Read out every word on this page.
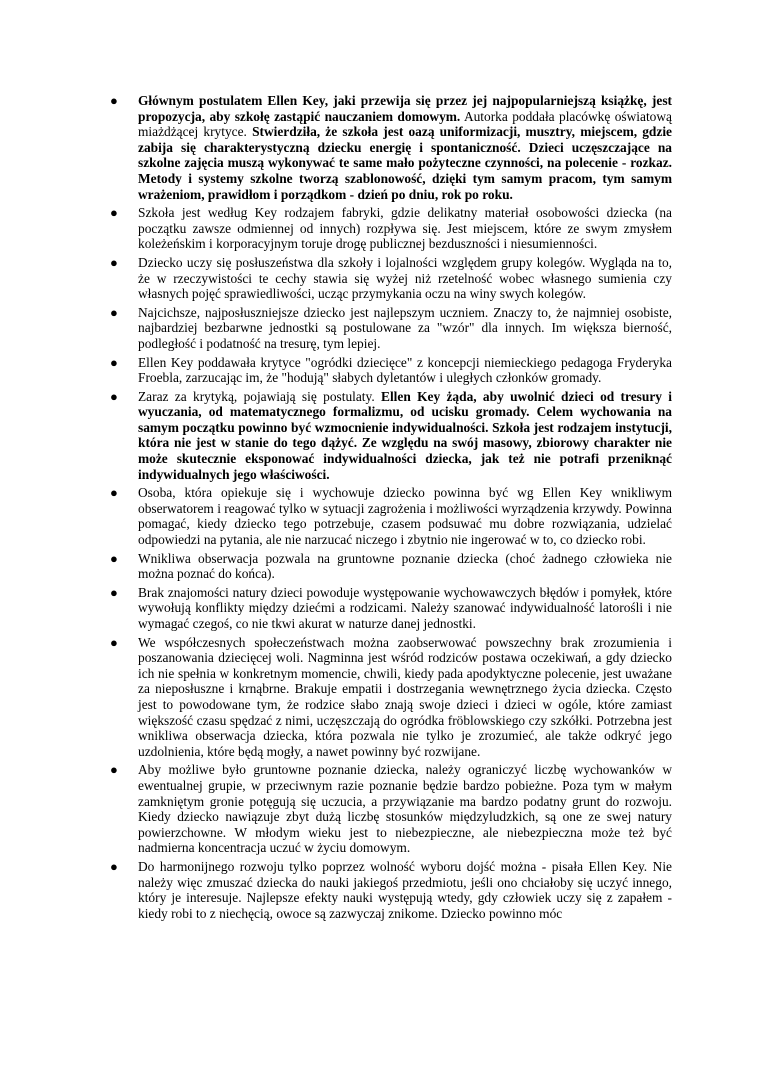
● Głównym postulatem Ellen Key, jaki przewija się przez jej najpopularniejszą książkę, jest propozycja, aby szkołę zastąpić nauczaniem domowym. Autorka poddała placówkę oświatową miażdżącej krytyce. Stwierdziła, że szkoła jest oazą uniformizacji, musztry, miejscem, gdzie zabija się charakterystyczną dziecku energię i spontaniczność. Dzieci uczęszczające na szkolne zajęcia muszą wykonywać te same mało pożyteczne czynności, na polecenie - rozkaz. Metody i systemy szkolne tworzą szablonowość, dzięki tym samym pracom, tym samym wrażeniom, prawidłom i porządkom - dzień po dniu, rok po roku.
● Szkoła jest według Key rodzajem fabryki, gdzie delikatny materiał osobowości dziecka (na początku zawsze odmiennej od innych) rozpływa się. Jest miejscem, które ze swym zmysłem koleżeńskim i korporacyjnym toruje drogę publicznej bezduszności i niesumienności.
● Dziecko uczy się posłuszeństwa dla szkoły i lojalności względem grupy kolegów. Wygląda na to, że w rzeczywistości te cechy stawia się wyżej niż rzetelność wobec własnego sumienia czy własnych pojęć sprawiedliwości, ucząc przymykania oczu na winy swych kolegów.
● Najcichsze, najposłuszniejsze dziecko jest najlepszym uczniem. Znaczy to, że najmniej osobiste, najbardziej bezbarwne jednostki są postulowane za "wzór" dla innych. Im większa bierność, podległość i podatność na tresurę, tym lepiej.
● Ellen Key poddawała krytyce "ogródki dziecięce" z koncepcji niemieckiego pedagoga Fryderyka Froebla, zarzucając im, że "hodują" słabych dyletantów i uległych członków gromady.
● Zaraz za krytyką, pojawiają się postulaty. Ellen Key żąda, aby uwolnić dzieci od tresury i wyuczania, od matematycznego formalizmu, od ucisku gromady. Celem wychowania na samym początku powinno być wzmocnienie indywidualności. Szkoła jest rodzajem instytucji, która nie jest w stanie do tego dążyć. Ze względu na swój masowy, zbiorowy charakter nie może skutecznie eksponować indywidualności dziecka, jak też nie potrafi przeniknąć indywidualnych jego właściwości.
● Osoba, która opiekuje się i wychowuje dziecko powinna być wg Ellen Key wnikliwym obserwatorem i reagować tylko w sytuacji zagrożenia i możliwości wyrządzenia krzywdy. Powinna pomagać, kiedy dziecko tego potrzebuje, czasem podsuwać mu dobre rozwiązania, udzielać odpowiedzi na pytania, ale nie narzucać niczego i zbytnio nie ingerować w to, co dziecko robi.
● Wnikliwa obserwacja pozwala na gruntowne poznanie dziecka (choć żadnego człowieka nie można poznać do końca).
● Brak znajomości natury dzieci powoduje występowanie wychowawczych błędów i pomyłek, które wywołują konflikty między dziećmi a rodzicami. Należy szanować indywidualność latorośli i nie wymagać czegoś, co nie tkwi akurat w naturze danej jednostki.
● We współczesnych społeczeństwach można zaobserwować powszechny brak zrozumienia i poszanowania dziecięcej woli. Nagminna jest wśród rodziców postawa oczekiwań, a gdy dziecko ich nie spełnia w konkretnym momencie, chwili, kiedy pada apodyktyczne polecenie, jest uważane za nieposłuszne i krnąbrne. Brakuje empatii i dostrzegania wewnętrznego życia dziecka. Często jest to powodowane tym, że rodzice słabo znają swoje dzieci i dzieci w ogóle, które zamiast większość czasu spędzać z nimi, uczęszczają do ogródka fröblowskiego czy szkółki. Potrzebna jest wnikliwa obserwacja dziecka, która pozwala nie tylko je zrozumieć, ale także odkryć jego uzdolnienia, które będą mogły, a nawet powinny być rozwijane.
● Aby możliwe było gruntowne poznanie dziecka, należy ograniczyć liczbę wychowanków w ewentualnej grupie, w przeciwnym razie poznanie będzie bardzo pobieżne. Poza tym w małym zamkniętym gronie potęgują się uczucia, a przywiązanie ma bardzo podatny grunt do rozwoju. Kiedy dziecko nawiązuje zbyt dużą liczbę stosunków międzyludzkich, są one ze swej natury powierzchowne. W młodym wieku jest to niebezpieczne, ale niebezpieczna może też być nadmierna koncentracja uczuć w życiu domowym.
● Do harmonijnego rozwoju tylko poprzez wolność wyboru dojść można - pisała Ellen Key. Nie należy więc zmuszać dziecka do nauki jakiegoś przedmiotu, jeśli ono chciałoby się uczyć innego, który je interesuje. Najlepsze efekty nauki występują wtedy, gdy człowiek uczy się z zapałem - kiedy robi to z niechęcią, owoce są zazwyczaj znikome. Dziecko powinno móc
